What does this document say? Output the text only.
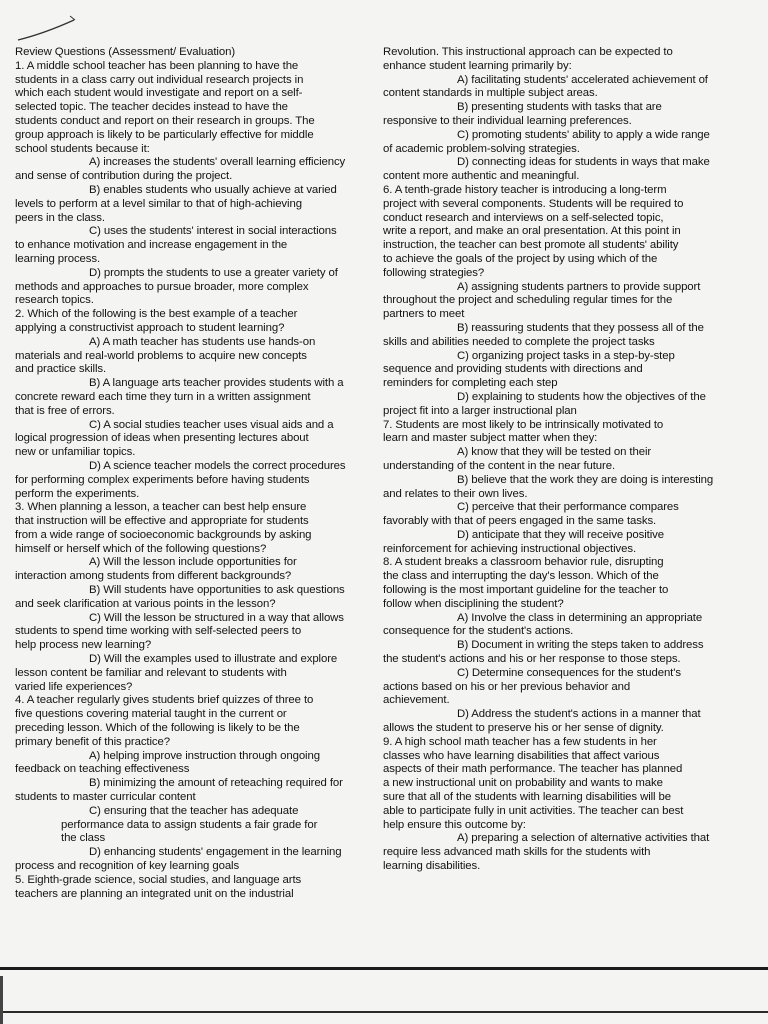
Review Questions (Assessment/ Evaluation)
1. A middle school teacher has been planning to have the
students in a class carry out individual research projects in
which each student would investigate and report on a self-
selected topic. The teacher decides instead to have the
students conduct and report on their research in groups. The
group approach is likely to be particularly effective for middle
school students because it:
A) increases the students' overall learning efficiency
and sense of contribution during the project.
B) enables students who usually achieve at varied
levels to perform at a level similar to that of high-achieving
peers in the class.
C) uses the students' interest in social interactions
to enhance motivation and increase engagement in the
learning process.
D) prompts the students to use a greater variety of
methods and approaches to pursue broader, more complex
research topics.
2. Which of the following is the best example of a teacher
applying a constructivist approach to student learning?
A) A math teacher has students use hands-on
materials and real-world problems to acquire new concepts
and practice skills.
B) A language arts teacher provides students with a
concrete reward each time they turn in a written assignment
that is free of errors.
C) A social studies teacher uses visual aids and a
logical progression of ideas when presenting lectures about
new or unfamiliar topics.
D) A science teacher models the correct procedures
for performing complex experiments before having students
perform the experiments.
3. When planning a lesson, a teacher can best help ensure
that instruction will be effective and appropriate for students
from a wide range of socioeconomic backgrounds by asking
himself or herself which of the following questions?
A) Will the lesson include opportunities for
interaction among students from different backgrounds?
B) Will students have opportunities to ask questions
and seek clarification at various points in the lesson?
C) Will the lesson be structured in a way that allows
students to spend time working with self-selected peers to
help process new learning?
D) Will the examples used to illustrate and explore
lesson content be familiar and relevant to students with
varied life experiences?
4. A teacher regularly gives students brief quizzes of three to
five questions covering material taught in the current or
preceding lesson. Which of the following is likely to be the
primary benefit of this practice?
A) helping improve instruction through ongoing
feedback on teaching effectiveness
B) minimizing the amount of reteaching required for
students to master curricular content
C) ensuring that the teacher has adequate
performance data to assign students a fair grade for
the class
D) enhancing students' engagement in the learning
process and recognition of key learning goals
5. Eighth-grade science, social studies, and language arts
teachers are planning an integrated unit on the industrial
Revolution. This instructional approach can be expected to
enhance student learning primarily by:
A) facilitating students' accelerated achievement of
content standards in multiple subject areas.
B) presenting students with tasks that are
responsive to their individual learning preferences.
C) promoting students' ability to apply a wide range
of academic problem-solving strategies.
D) connecting ideas for students in ways that make
content more authentic and meaningful.
6. A tenth-grade history teacher is introducing a long-term
project with several components. Students will be required to
conduct research and interviews on a self-selected topic,
write a report, and make an oral presentation. At this point in
instruction, the teacher can best promote all students' ability
to achieve the goals of the project by using which of the
following strategies?
A) assigning students partners to provide support
throughout the project and scheduling regular times for the
partners to meet
B) reassuring students that they possess all of the
skills and abilities needed to complete the project tasks
C) organizing project tasks in a step-by-step
sequence and providing students with directions and
reminders for completing each step
D) explaining to students how the objectives of the
project fit into a larger instructional plan
7. Students are most likely to be intrinsically motivated to
learn and master subject matter when they:
A) know that they will be tested on their
understanding of the content in the near future.
B) believe that the work they are doing is interesting
and relates to their own lives.
C) perceive that their performance compares
favorably with that of peers engaged in the same tasks.
D) anticipate that they will receive positive
reinforcement for achieving instructional objectives.
8. A student breaks a classroom behavior rule, disrupting
the class and interrupting the day's lesson. Which of the
following is the most important guideline for the teacher to
follow when disciplining the student?
A) Involve the class in determining an appropriate
consequence for the student's actions.
B) Document in writing the steps taken to address
the student's actions and his or her response to those steps.
C) Determine consequences for the student's
actions based on his or her previous behavior and
achievement.
D) Address the student's actions in a manner that
allows the student to preserve his or her sense of dignity.
9. A high school math teacher has a few students in her
classes who have learning disabilities that affect various
aspects of their math performance. The teacher has planned
a new instructional unit on probability and wants to make
sure that all of the students with learning disabilities will be
able to participate fully in unit activities. The teacher can best
help ensure this outcome by:
A) preparing a selection of alternative activities that
require less advanced math skills for the students with
learning disabilities.
